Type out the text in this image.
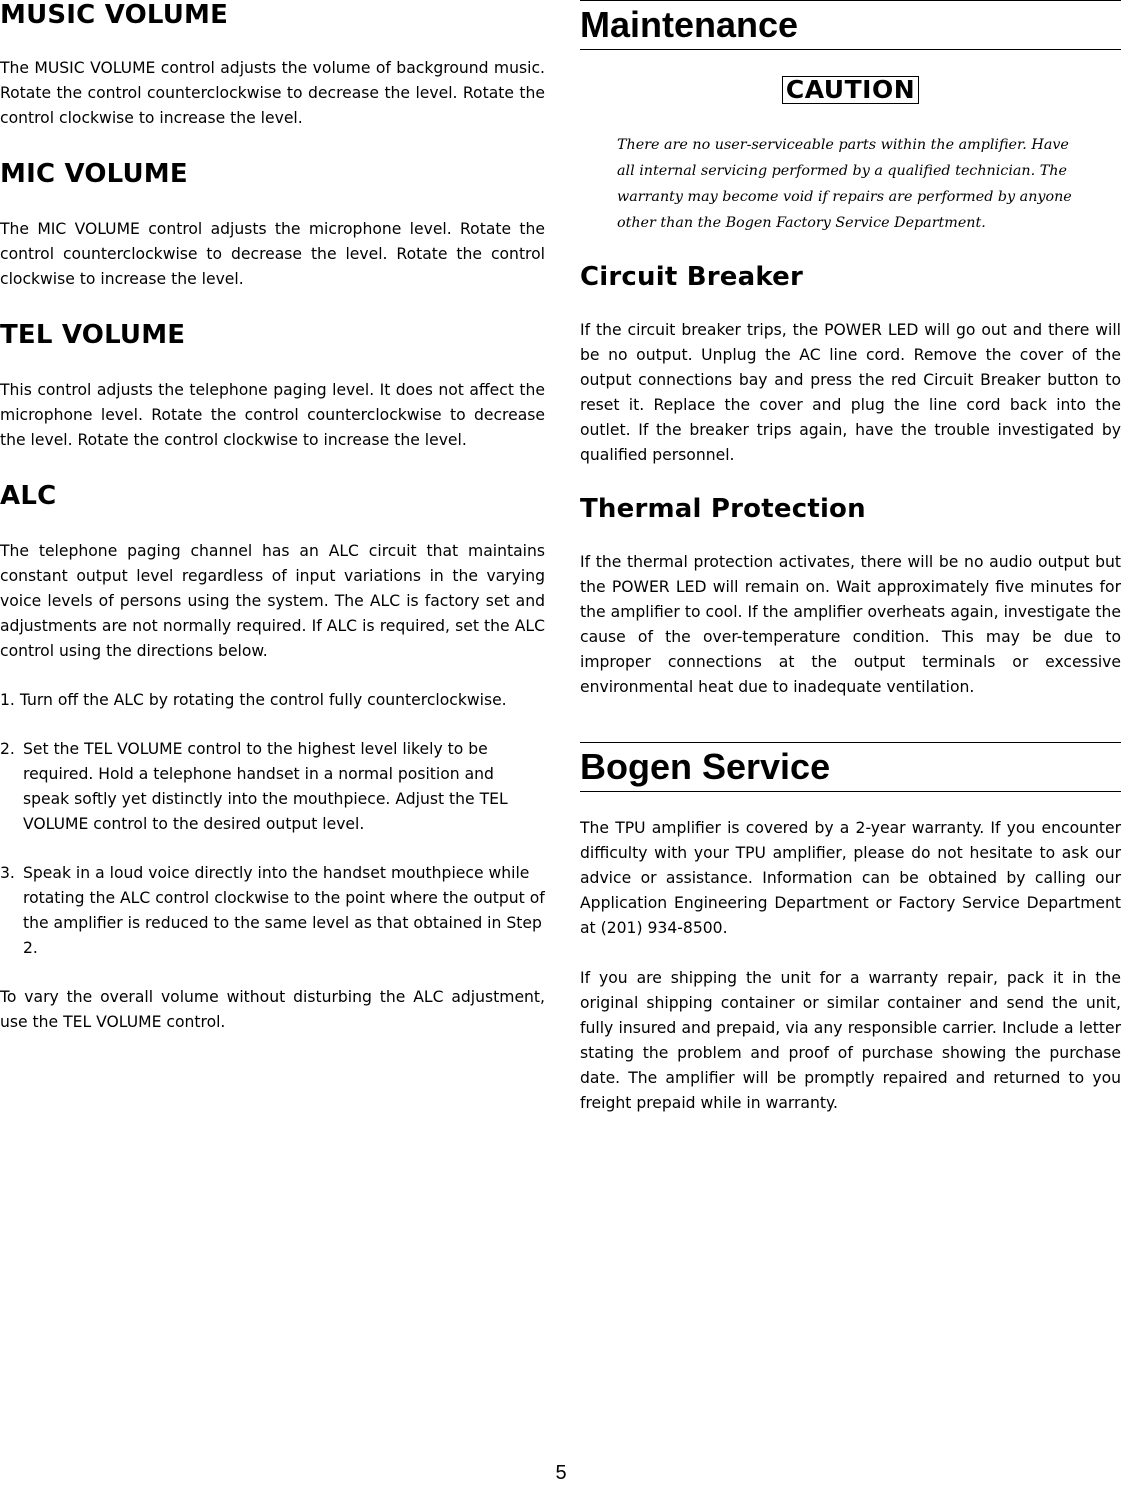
MUSIC VOLUME

The MUSIC VOLUME control adjusts the volume of background music. Rotate the control counterclockwise to decrease the level. Rotate the control clockwise to increase the level.

MIC VOLUME

The MIC VOLUME control adjusts the microphone level. Rotate the control counterclockwise to decrease the level. Rotate the control clockwise to increase the level.

TEL VOLUME

This control adjusts the telephone paging level. It does not affect the microphone level. Rotate the control counterclockwise to decrease the level. Rotate the control clockwise to increase the level.

ALC

The telephone paging channel has an ALC circuit that maintains constant output level regardless of input variations in the varying voice levels of persons using the system. The ALC is factory set and adjustments are not normally required. If ALC is required, set the ALC control using the directions below.

1. Turn off the ALC by rotating the control fully counterclockwise.

2. Set the TEL VOLUME control to the highest level likely to be required. Hold a telephone handset in a normal position and speak softly yet distinctly into the mouthpiece. Adjust the TEL VOLUME control to the desired output level.

3. Speak in a loud voice directly into the handset mouthpiece while rotating the ALC control clockwise to the point where the output of the amplifier is reduced to the same level as that obtained in Step 2.

To vary the overall volume without disturbing the ALC adjustment, use the TEL VOLUME control.

Maintenance
CAUTION

There are no user-serviceable parts within the amplifier. Have all internal servicing performed by a qualified technician. The warranty may become void if repairs are performed by anyone other than the Bogen Factory Service Department.

Circuit Breaker

If the circuit breaker trips, the POWER LED will go out and there will be no output. Unplug the AC line cord. Remove the cover of the output connections bay and press the red Circuit Breaker button to reset it. Replace the cover and plug the line cord back into the outlet. If the breaker trips again, have the trouble investigated by qualified personnel.

Thermal Protection

If the thermal protection activates, there will be no audio output but the POWER LED will remain on. Wait approximately five minutes for the amplifier to cool. If the amplifier overheats again, investigate the cause of the over-temperature condition. This may be due to improper connections at the output terminals or excessive environmental heat due to inadequate ventilation.

Bogen Service

The TPU amplifier is covered by a 2-year warranty. If you encounter difficulty with your TPU amplifier, please do not hesitate to ask our advice or assistance. Information can be obtained by calling our Application Engineering Department or Factory Service Department at (201) 934-8500.

If you are shipping the unit for a warranty repair, pack it in the original shipping container or similar container and send the unit, fully insured and prepaid, via any responsible carrier. Include a letter stating the problem and proof of purchase showing the purchase date. The amplifier will be promptly repaired and returned to you freight prepaid while in warranty.

5
